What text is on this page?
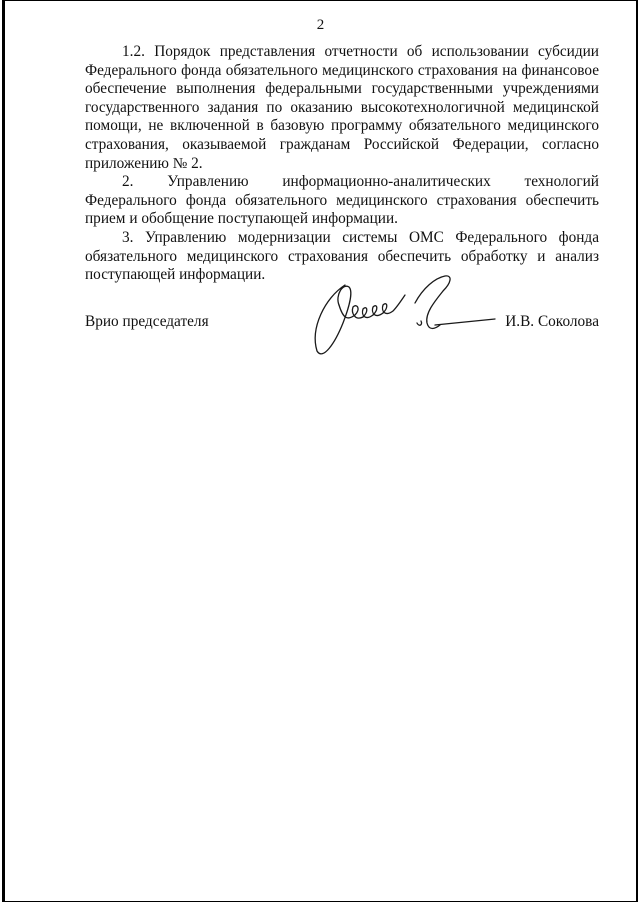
2

1.2. Порядок представления отчетности об использовании субсидии Федерального фонда обязательного медицинского страхования на финансовое обеспечение выполнения федеральными государственными учреждениями государственного задания по оказанию высокотехнологичной медицинской помощи, не включенной в базовую программу обязательного медицинского страхования, оказываемой гражданам Российской Федерации, согласно приложению № 2.

2. Управлению информационно-аналитических технологий Федерального фонда обязательного медицинского страхования обеспечить прием и обобщение поступающей информации.

3. Управлению модернизации системы ОМС Федерального фонда обязательного медицинского страхования обеспечить обработку и анализ поступающей информации.

Врио председателя	И.В. Соколова
